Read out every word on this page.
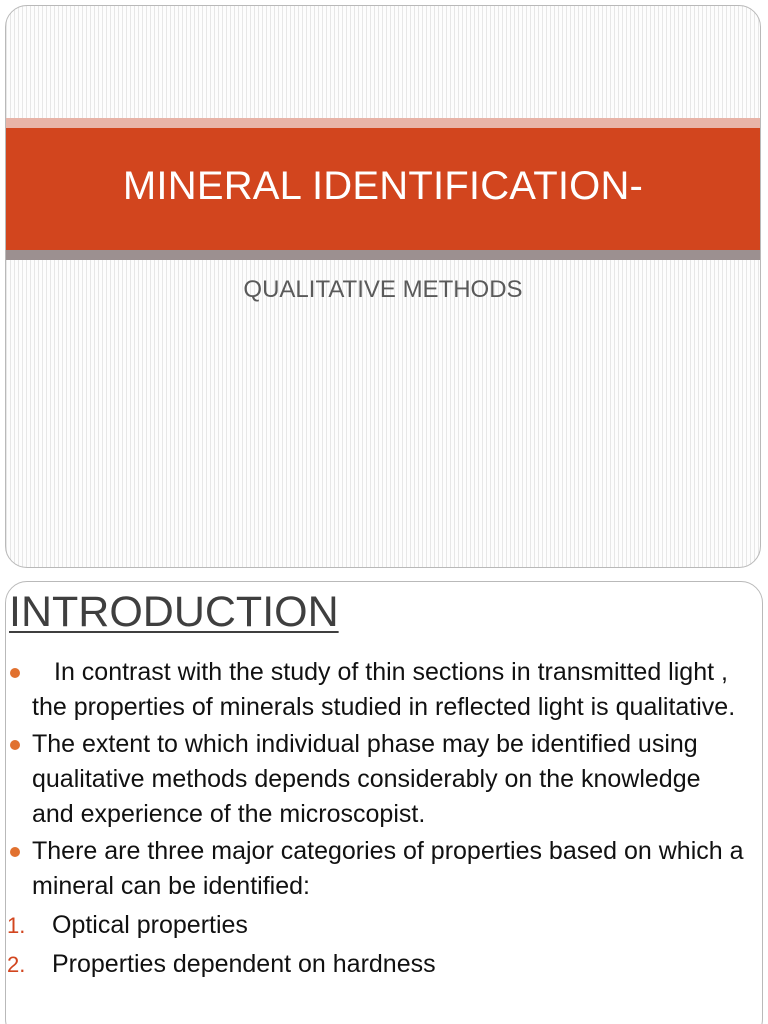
MINERAL IDENTIFICATION-
QUALITATIVE METHODS
INTRODUCTION
In contrast with the study of thin sections in transmitted light , the properties of minerals studied in reflected light is qualitative.
The extent to which individual phase may be identified using qualitative methods depends considerably on the knowledge and experience of the microscopist.
There are three major categories of properties based on which a mineral can be identified:
1. Optical properties
2. Properties dependent on hardness
